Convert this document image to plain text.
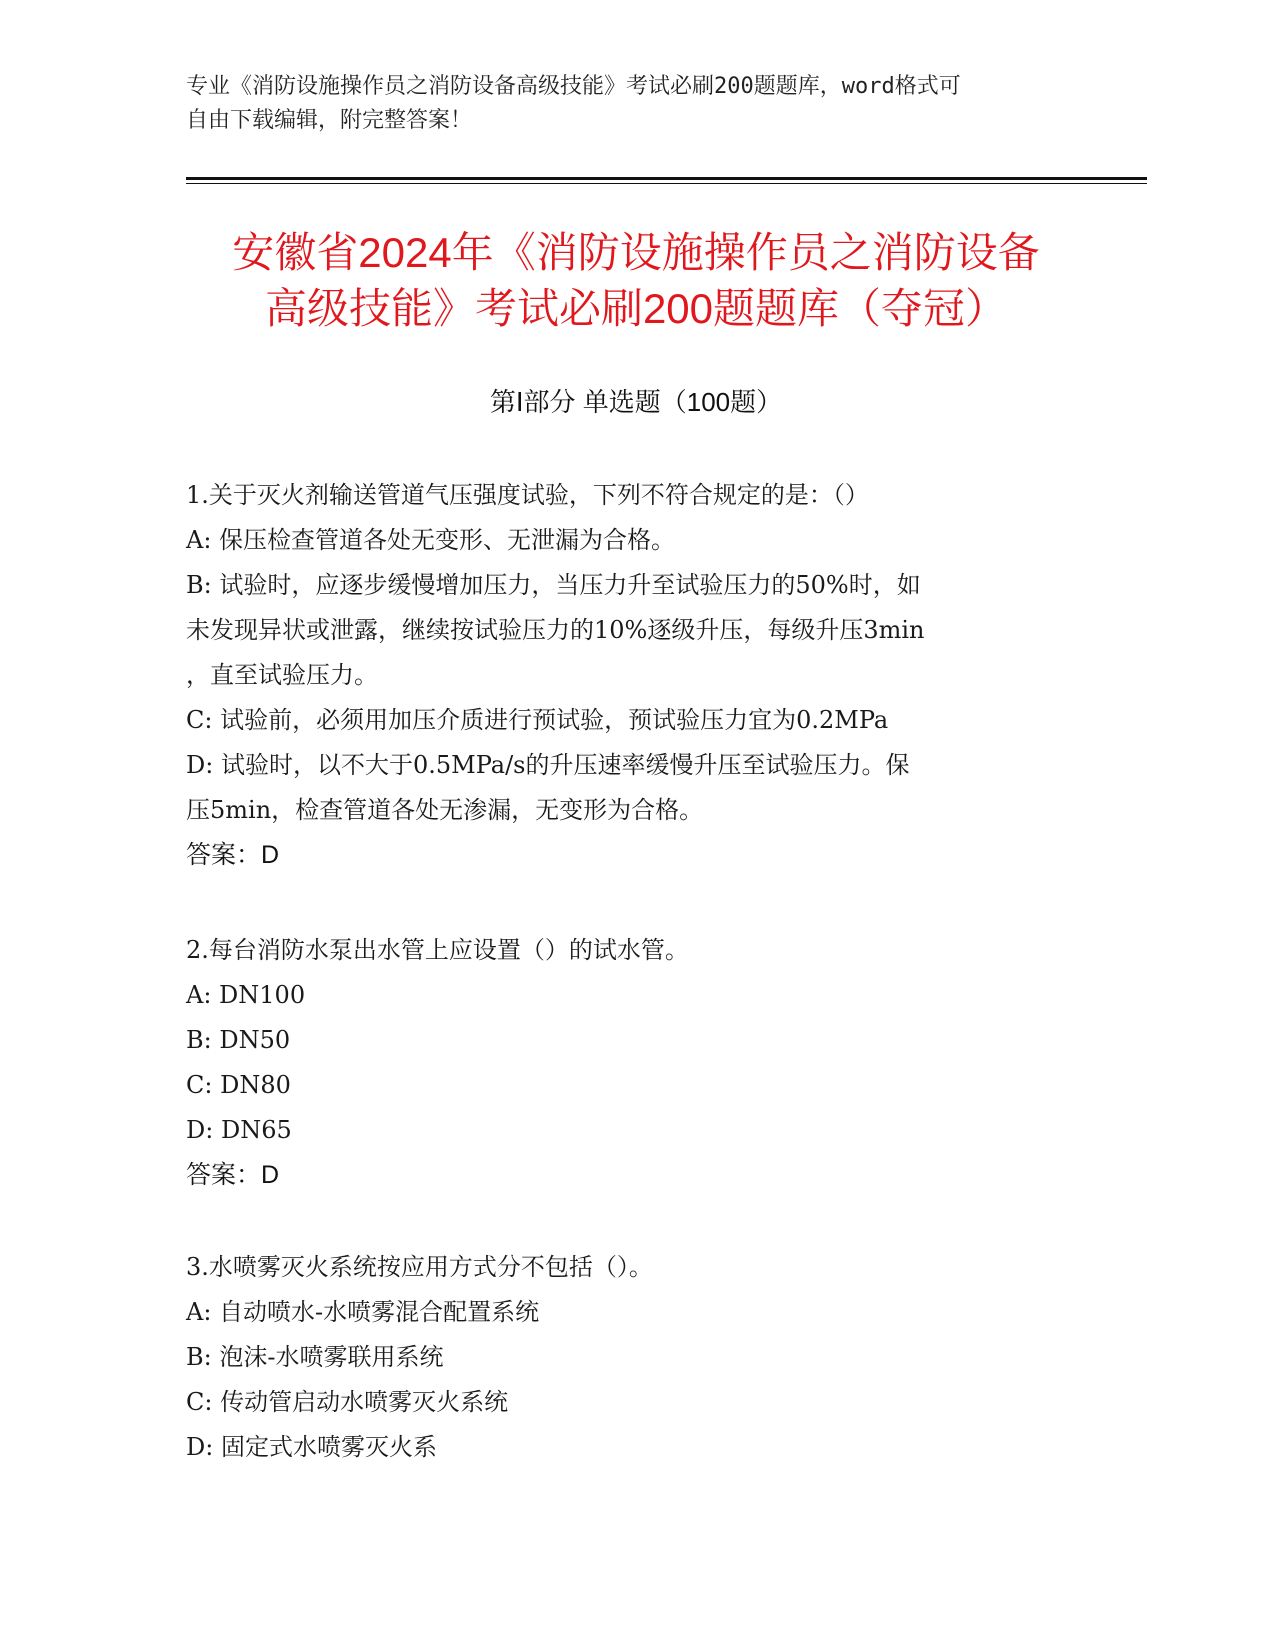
专业《消防设施操作员之消防设备高级技能》考试必刷200题题库，word格式可
自由下载编辑，附完整答案！
安徽省2024年《消防设施操作员之消防设备
高级技能》考试必刷200题题库（夺冠）
第Ⅰ部分 单选题（100题）
1.关于灭火剂输送管道气压强度试验，下列不符合规定的是：（）
A: 保压检查管道各处无变形、无泄漏为合格。
B: 试验时，应逐步缓慢增加压力，当压力升至试验压力的50%时，如
未发现异状或泄露，继续按试验压力的10%逐级升压，每级升压3min
，直至试验压力。
C: 试验前，必须用加压介质进行预试验，预试验压力宜为0.2MPa
D: 试验时，以不大于0.5MPa/s的升压速率缓慢升压至试验压力。保
压5min，检查管道各处无渗漏，无变形为合格。
答案：D
2.每台消防水泵出水管上应设置（）的试水管。
A: DN100
B: DN50
C: DN80
D: DN65
答案：D
3.水喷雾灭火系统按应用方式分不包括（）。
A: 自动喷水-水喷雾混合配置系统
B: 泡沫-水喷雾联用系统
C: 传动管启动水喷雾灭火系统
D: 固定式水喷雾灭火系
